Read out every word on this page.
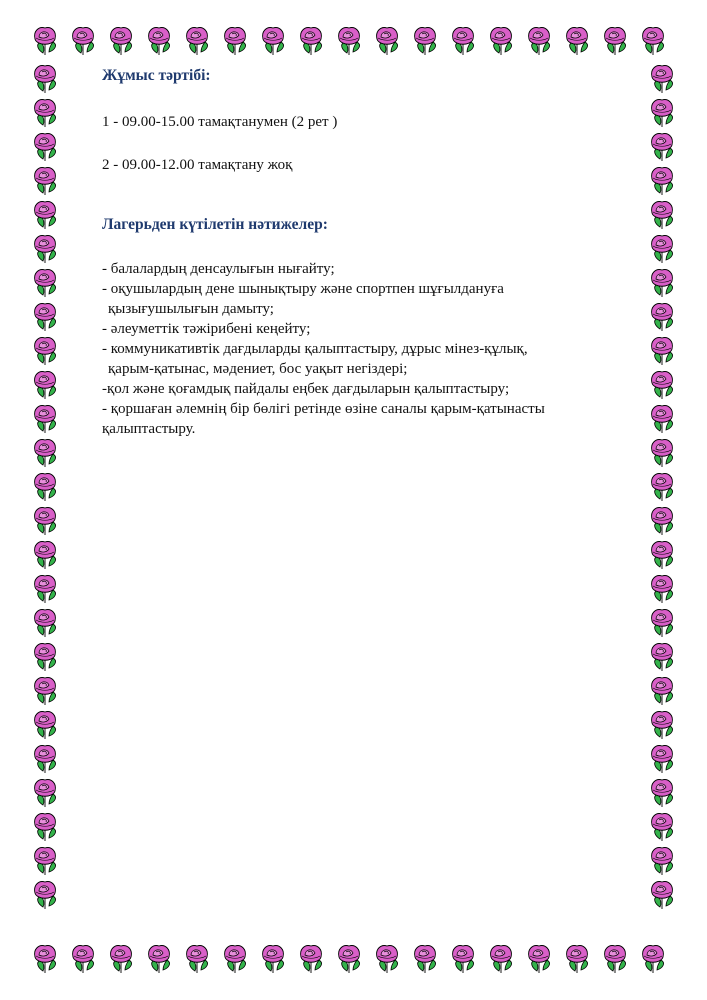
Жұмыс тәртібі:

1 - 09.00-15.00 тамақтанумен (2 рет )

2 - 09.00-12.00 тамақтану жоқ

Лагерьден күтілетін нәтижелер:

- балалардың денсаулығын нығайту;

- оқушылардың дене шынықтыру және спортпен шұғылдануға

қызығушылығын дамыту;

- әлеуметтік тәжірибені кеңейту;

- коммуникативтік дағдыларды қалыптастыру, дұрыс мінез-құлық,

қарым-қатынас, мәдениет, бос уақыт негіздері;

-қол және қоғамдық пайдалы еңбек дағдыларын қалыптастыру;

- қоршаған әлемнің бір бөлігі ретінде өзіне саналы қарым-қатынасты

қалыптастыру.
